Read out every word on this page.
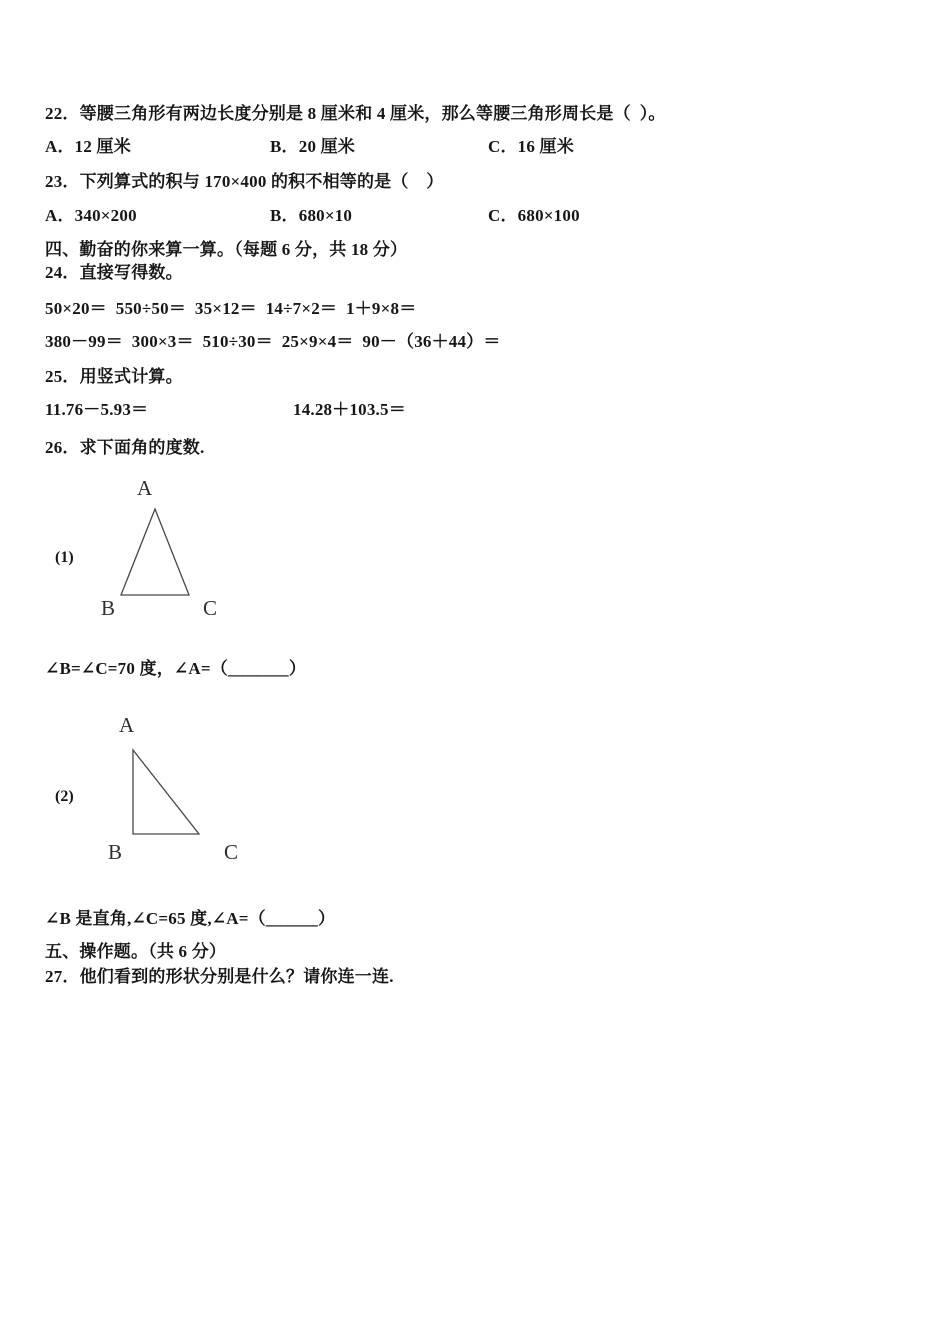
22．等腰三角形有两边长度分别是 8 厘米和 4 厘米，那么等腰三角形周长是（  ）。
A．12 厘米	B．20 厘米	C．16 厘米
23．下列算式的积与 170×400 的积不相等的是（    ）
A．340×200	B．680×10	C．680×100
四、勤奋的你来算一算。（每题 6 分，共 18 分）
24．直接写得数。
50×20＝  550÷50＝  35×12＝  14÷7×2＝  1＋9×8＝
380－99＝  300×3＝  510÷30＝  25×9×4＝  90－（36＋44）＝
25．用竖式计算。
11.76－5.93＝	14.28＋103.5＝
26．求下面角的度数.
(1)
A
B	C
∠B=∠C=70 度，∠A=（_______）
(2)
A
B	C
∠B 是直角,∠C=65 度,∠A=（______）
五、操作题。（共 6 分）
27．他们看到的形状分别是什么？请你连一连.
